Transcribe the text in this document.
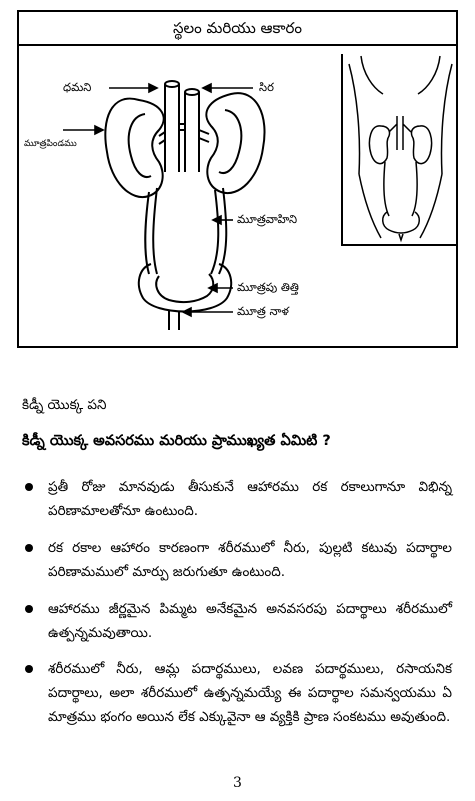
స్థలం మరియు ఆకారం
ధమని	సిర
మూత్రపిండము
మూత్రవాహిని
మూత్రపు తిత్తి
మూత్ర నాళ
కిడ్నీ యొక్క పని
కిడ్నీ యొక్క అవసరము మరియు ప్రాముఖ్యత ఏమిటి ?
ప్రతీ రోజు మానవుడు తీసుకునే ఆహారము రక రకాలుగానూ విభిన్న పరిణామాలతోనూ ఉంటుంది.
రక రకాల ఆహారం కారణంగా శరీరములో నీరు, పుల్లటి కటువు పదార్థాల పరిణామములో మార్పు జరుగుతూ ఉంటుంది.
ఆహారము జీర్ణమైన పిమ్మట అనేకమైన అనవసరపు పదార్థాలు శరీరములో ఉత్పన్నమవుతాయి.
శరీరములో నీరు, ఆమ్ల పదార్థములు, లవణ పదార్థములు, రసాయనిక పదార్థాలు, అలా శరీరములో ఉత్పన్నమయ్యే ఈ పదార్థాల సమన్వయము ఏ మాత్రము భంగం అయిన లేక ఎక్కువైనా ఆ వ్యక్తికి ప్రాణ సంకటము అవుతుంది.
3
